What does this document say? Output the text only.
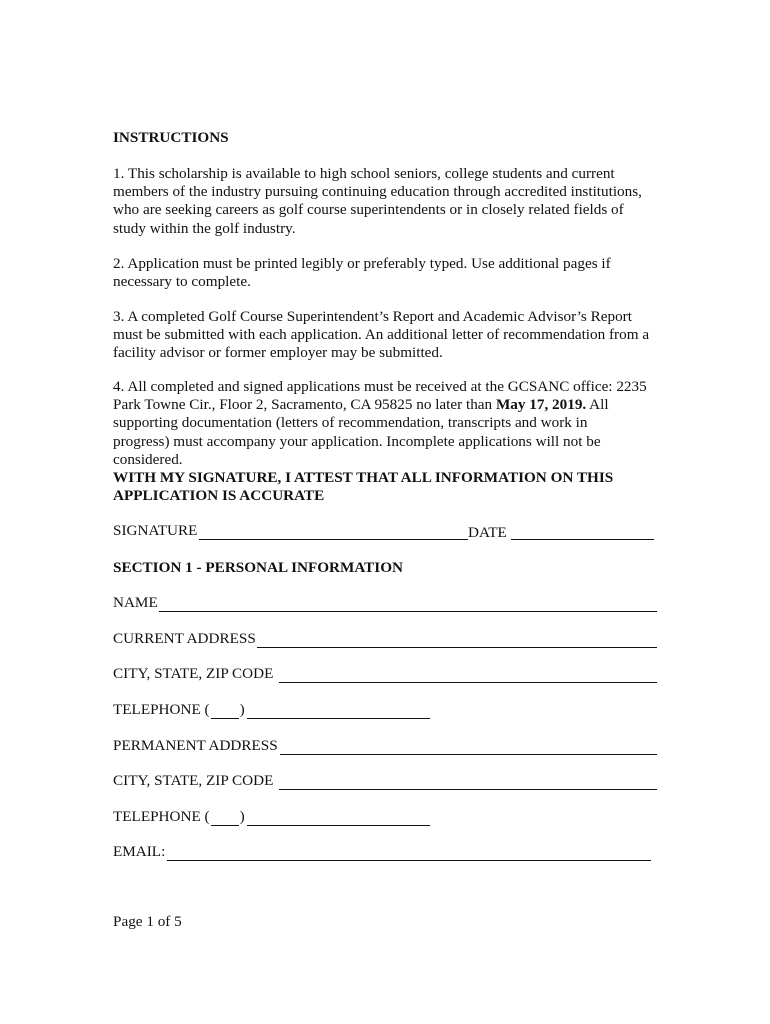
INSTRUCTIONS
1. This scholarship is available to high school seniors, college students and current
members of the industry pursuing continuing education through accredited institutions,
who are seeking careers as golf course superintendents or in closely related fields of
study within the golf industry.
2. Application must be printed legibly or preferably typed. Use additional pages if
necessary to complete.
3. A completed Golf Course Superintendent’s Report and Academic Advisor’s Report
must be submitted with each application. An additional letter of recommendation from a
facility advisor or former employer may be submitted.
4. All completed and signed applications must be received at the GCSANC office: 2235
Park Towne Cir., Floor 2, Sacramento, CA 95825 no later than May 17, 2019. All
supporting documentation (letters of recommendation, transcripts and work in
progress) must accompany your application. Incomplete applications will not be
considered.
WITH MY SIGNATURE, I ATTEST THAT ALL INFORMATION ON THIS
APPLICATION IS ACCURATE
SIGNATURE	DATE
SECTION 1 - PERSONAL INFORMATION
NAME
CURRENT ADDRESS
CITY, STATE, ZIP CODE
TELEPHONE ( )
PERMANENT ADDRESS
CITY, STATE, ZIP CODE
TELEPHONE ( )
EMAIL:
Page 1 of 5
